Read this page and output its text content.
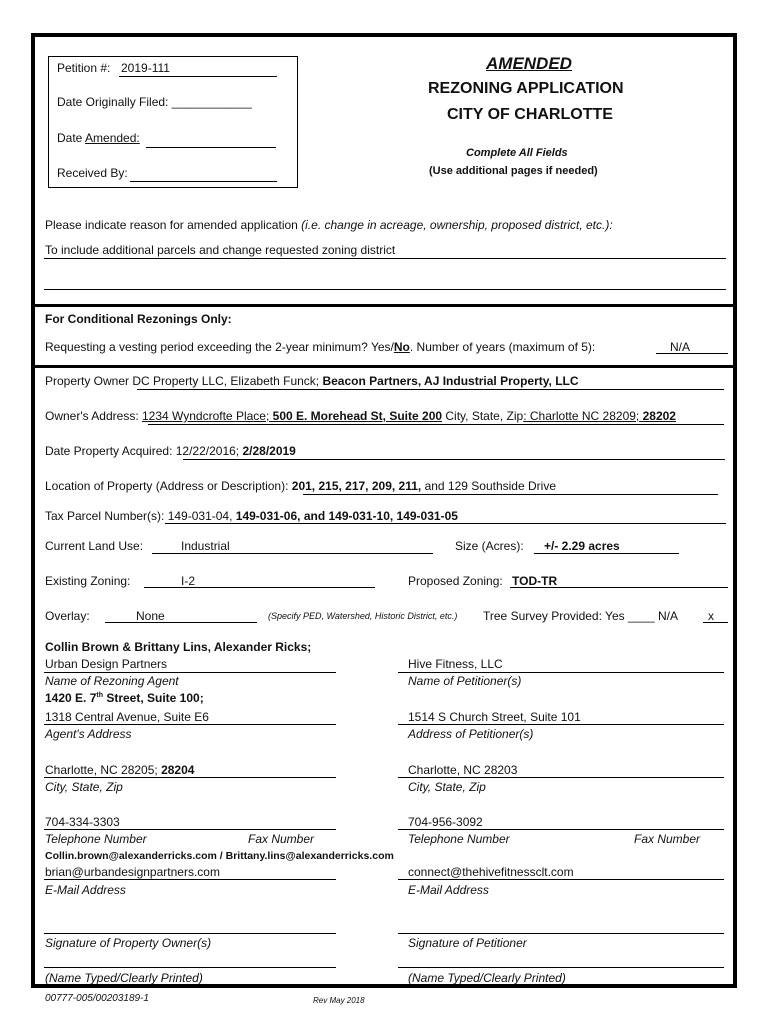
Petition #: 2019-111
Date Originally Filed: ____________
Date Amended:
Received By:
AMENDED
REZONING APPLICATION
CITY OF CHARLOTTE
Complete All Fields
(Use additional pages if needed)
Please indicate reason for amended application (i.e. change in acreage, ownership, proposed district, etc.):
To include additional parcels and change requested zoning district
For Conditional Rezonings Only:
Requesting a vesting period exceeding the 2-year minimum? Yes/No. Number of years (maximum of 5):	N/A
Property Owner DC Property LLC, Elizabeth Funck; Beacon Partners, AJ Industrial Property, LLC
Owner's Address: 1234 Wyndcrofte Place; 500 E. Morehead St, Suite 200 City, State, Zip: Charlotte NC 28209; 28202
Date Property Acquired: 12/22/2016; 2/28/2019
Location of Property (Address or Description): 201, 215, 217, 209, 211, and 129 Southside Drive
Tax Parcel Number(s): 149-031-04, 149-031-06, and 149-031-10, 149-031-05
Current Land Use:	Industrial	Size (Acres): +/- 2.29 acres
Existing Zoning:	I-2	Proposed Zoning: TOD-TR
Overlay:	None	(Specify PED, Watershed, Historic District, etc.) Tree Survey Provided: Yes ____ N/A	x
Collin Brown & Brittany Lins, Alexander Ricks;
Urban Design Partners
Name of Rezoning Agent
1420 E. 7th Street, Suite 100;
1318 Central Avenue, Suite E6
Agent's Address
Charlotte, NC 28205; 28204
City, State, Zip
704-334-3303
Telephone Number	Fax Number
Collin.brown@alexanderricks.com / Brittany.lins@alexanderricks.com
brian@urbandesignpartners.com
E-Mail Address
Signature of Property Owner(s)
(Name Typed/Clearly Printed)
Hive Fitness, LLC
Name of Petitioner(s)
1514 S Church Street, Suite 101
Address of Petitioner(s)
Charlotte, NC 28203
City, State, Zip
704-956-3092
Telephone Number	Fax Number
connect@thehivefitnessclt.com
E-Mail Address
Signature of Petitioner
(Name Typed/Clearly Printed)
00777-005/00203189-1	Rev May 2018
